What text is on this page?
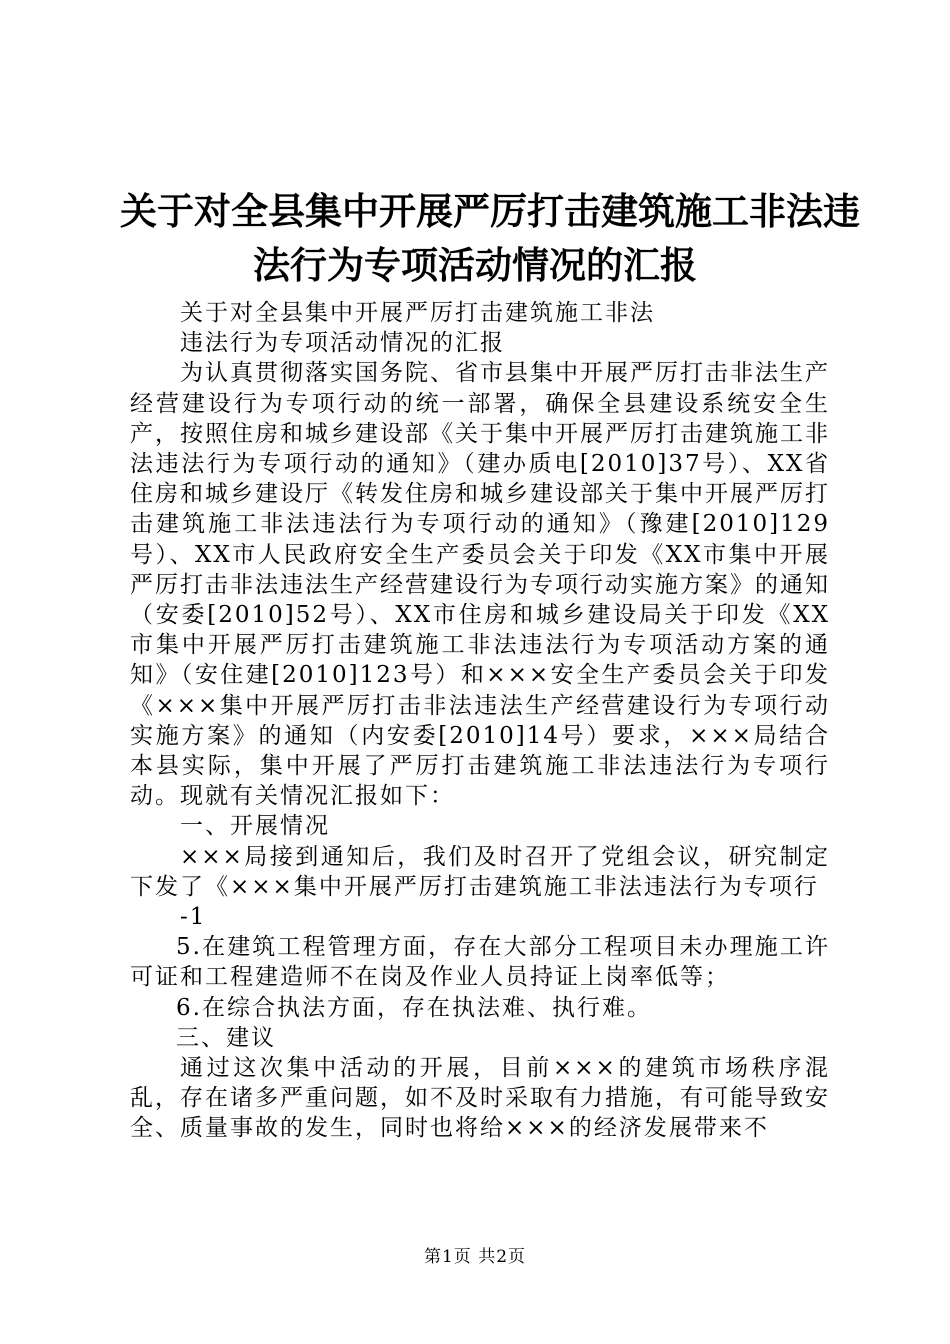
关于对全县集中开展严厉打击建筑施工非法违
法行为专项活动情况的汇报

关于对全县集中开展严厉打击建筑施工非法

违法行为专项活动情况的汇报

为认真贯彻落实国务院、省市县集中开展严厉打击非法生产经营建设行为专项行动的统一部署，确保全县建设系统安全生产，按照住房和城乡建设部《关于集中开展严厉打击建筑施工非法违法行为专项行动的通知》（建办质电[2010]37号）、XX省住房和城乡建设厅《转发住房和城乡建设部关于集中开展严厉打击建筑施工非法违法行为专项行动的通知》（豫建[2010]129号）、XX市人民政府安全生产委员会关于印发《XX市集中开展严厉打击非法违法生产经营建设行为专项行动实施方案》的通知（安委[2010]52号）、XX市住房和城乡建设局关于印发《XX市集中开展严厉打击建筑施工非法违法行为专项活动方案的通知》（安住建[2010]123号）和×××安全生产委员会关于印发《×××集中开展严厉打击非法违法生产经营建设行为专项行动实施方案》的通知（内安委[2010]14号）要求，×××局结合本县实际，集中开展了严厉打击建筑施工非法违法行为专项行动。现就有关情况汇报如下：

一、开展情况

×××局接到通知后，我们及时召开了党组会议，研究制定下发了《×××集中开展严厉打击建筑施工非法违法行为专项行

-1

5.在建筑工程管理方面，存在大部分工程项目未办理施工许可证和工程建造师不在岗及作业人员持证上岗率低等；

6.在综合执法方面，存在执法难、执行难。

三、建议

通过这次集中活动的开展，目前×××的建筑市场秩序混乱，存在诸多严重问题，如不及时采取有力措施，有可能导致安全、质量事故的发生，同时也将给×××的经济发展带来不

第1页 共2页
